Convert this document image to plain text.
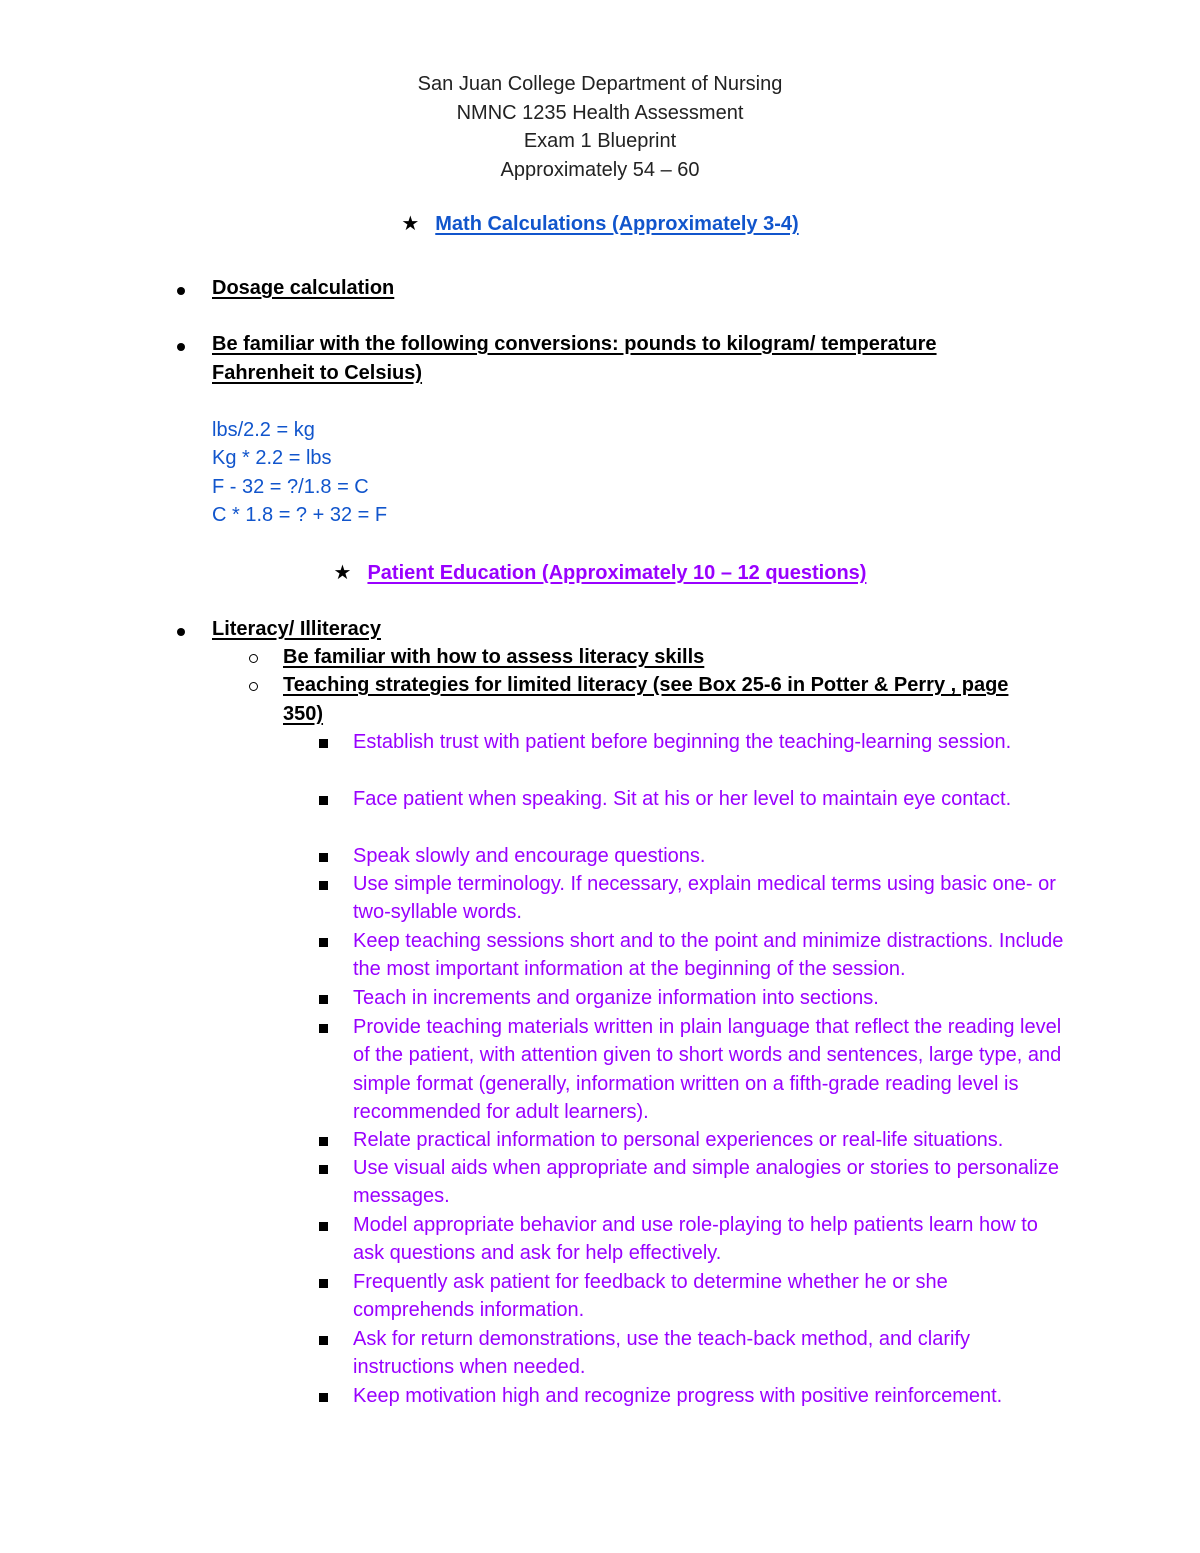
San Juan College Department of Nursing
NMNC 1235 Health Assessment
Exam 1 Blueprint
Approximately 54 – 60
★ Math Calculations (Approximately 3-4)
Dosage calculation
Be familiar with the following conversions: pounds to kilogram/ temperature Fahrenheit to Celsius)
lbs/2.2 = kg
Kg * 2.2 = lbs
F - 32 = ?/1.8 = C
C * 1.8 = ? + 32 = F
★ Patient Education (Approximately 10 – 12 questions)
Literacy/ Illiteracy
Be familiar with how to assess literacy skills
Teaching strategies for limited literacy (see Box 25-6 in Potter & Perry , page 350)
Establish trust with patient before beginning the teaching-learning session.
Face patient when speaking. Sit at his or her level to maintain eye contact.
Speak slowly and encourage questions.
Use simple terminology. If necessary, explain medical terms using basic one- or two-syllable words.
Keep teaching sessions short and to the point and minimize distractions. Include the most important information at the beginning of the session.
Teach in increments and organize information into sections.
Provide teaching materials written in plain language that reflect the reading level of the patient, with attention given to short words and sentences, large type, and simple format (generally, information written on a fifth-grade reading level is recommended for adult learners).
Relate practical information to personal experiences or real-life situations.
Use visual aids when appropriate and simple analogies or stories to personalize messages.
Model appropriate behavior and use role-playing to help patients learn how to ask questions and ask for help effectively.
Frequently ask patient for feedback to determine whether he or she comprehends information.
Ask for return demonstrations, use the teach-back method, and clarify instructions when needed.
Keep motivation high and recognize progress with positive reinforcement.
